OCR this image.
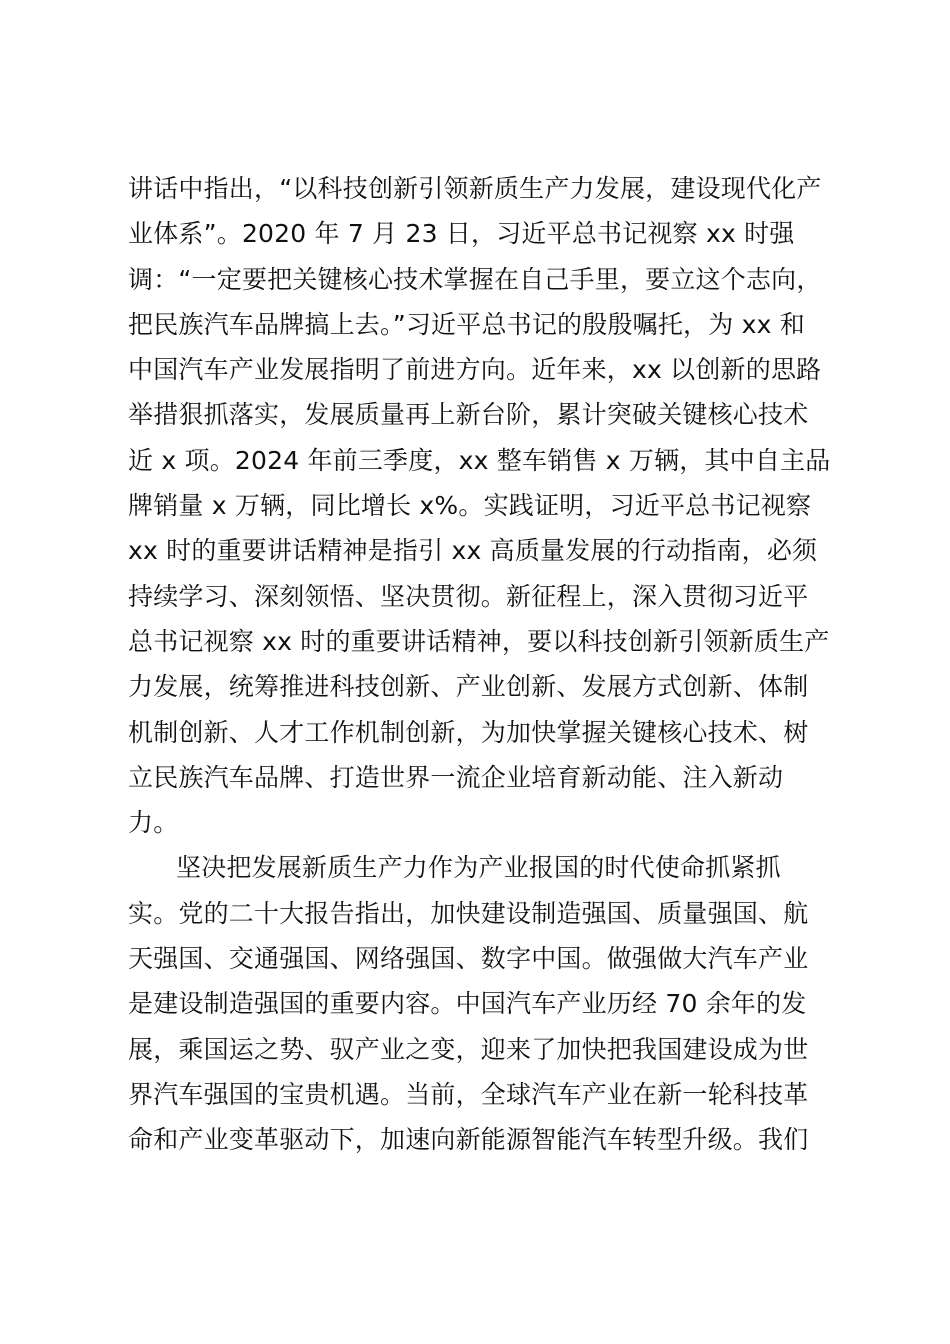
讲话中指出，“以科技创新引领新质生产力发展，建设现代化产
业体系”。2020 年 7 月 23 日，习近平总书记视察 xx 时强
调：“一定要把关键核心技术掌握在自己手里，要立这个志向，
把民族汽车品牌搞上去。”习近平总书记的殷殷嘱托，为 xx 和
中国汽车产业发展指明了前进方向。近年来，xx 以创新的思路
举措狠抓落实，发展质量再上新台阶，累计突破关键核心技术
近 x 项。2024 年前三季度，xx 整车销售 x 万辆，其中自主品
牌销量 x 万辆，同比增长 x%。实践证明，习近平总书记视察
xx 时的重要讲话精神是指引 xx 高质量发展的行动指南，必须
持续学习、深刻领悟、坚决贯彻。新征程上，深入贯彻习近平
总书记视察 xx 时的重要讲话精神，要以科技创新引领新质生产
力发展，统筹推进科技创新、产业创新、发展方式创新、体制
机制创新、人才工作机制创新，为加快掌握关键核心技术、树
立民族汽车品牌、打造世界一流企业培育新动能、注入新动
力。
坚决把发展新质生产力作为产业报国的时代使命抓紧抓
实。党的二十大报告指出，加快建设制造强国、质量强国、航
天强国、交通强国、网络强国、数字中国。做强做大汽车产业
是建设制造强国的重要内容。中国汽车产业历经 70 余年的发
展，乘国运之势、驭产业之变，迎来了加快把我国建设成为世
界汽车强国的宝贵机遇。当前，全球汽车产业在新一轮科技革
命和产业变革驱动下，加速向新能源智能汽车转型升级。我们
